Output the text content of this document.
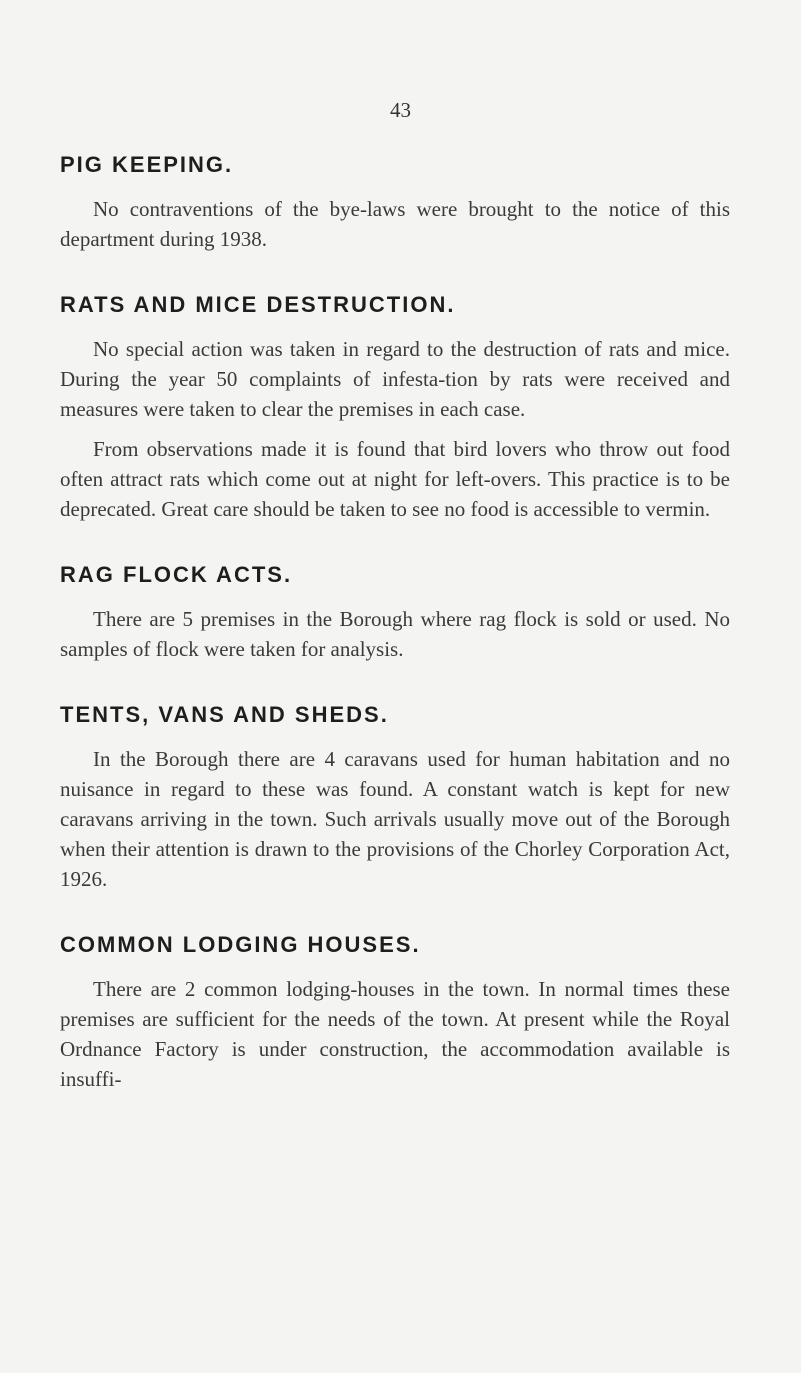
43
PIG KEEPING.

No contraventions of the bye-laws were brought to the notice of this department during 1938.

RATS AND MICE DESTRUCTION.

No special action was taken in regard to the destruction of rats and mice. During the year 50 complaints of infesta-tion by rats were received and measures were taken to clear the premises in each case.

From observations made it is found that bird lovers who throw out food often attract rats which come out at night for left-overs. This practice is to be deprecated. Great care should be taken to see no food is accessible to vermin.

RAG FLOCK ACTS.

There are 5 premises in the Borough where rag flock is sold or used. No samples of flock were taken for analysis.

TENTS, VANS AND SHEDS.

In the Borough there are 4 caravans used for human habitation and no nuisance in regard to these was found. A constant watch is kept for new caravans arriving in the town. Such arrivals usually move out of the Borough when their attention is drawn to the provisions of the Chorley Corporation Act, 1926.

COMMON LODGING HOUSES.

There are 2 common lodging-houses in the town. In normal times these premises are sufficient for the needs of the town. At present while the Royal Ordnance Factory is under construction, the accommodation available is insuffi-
